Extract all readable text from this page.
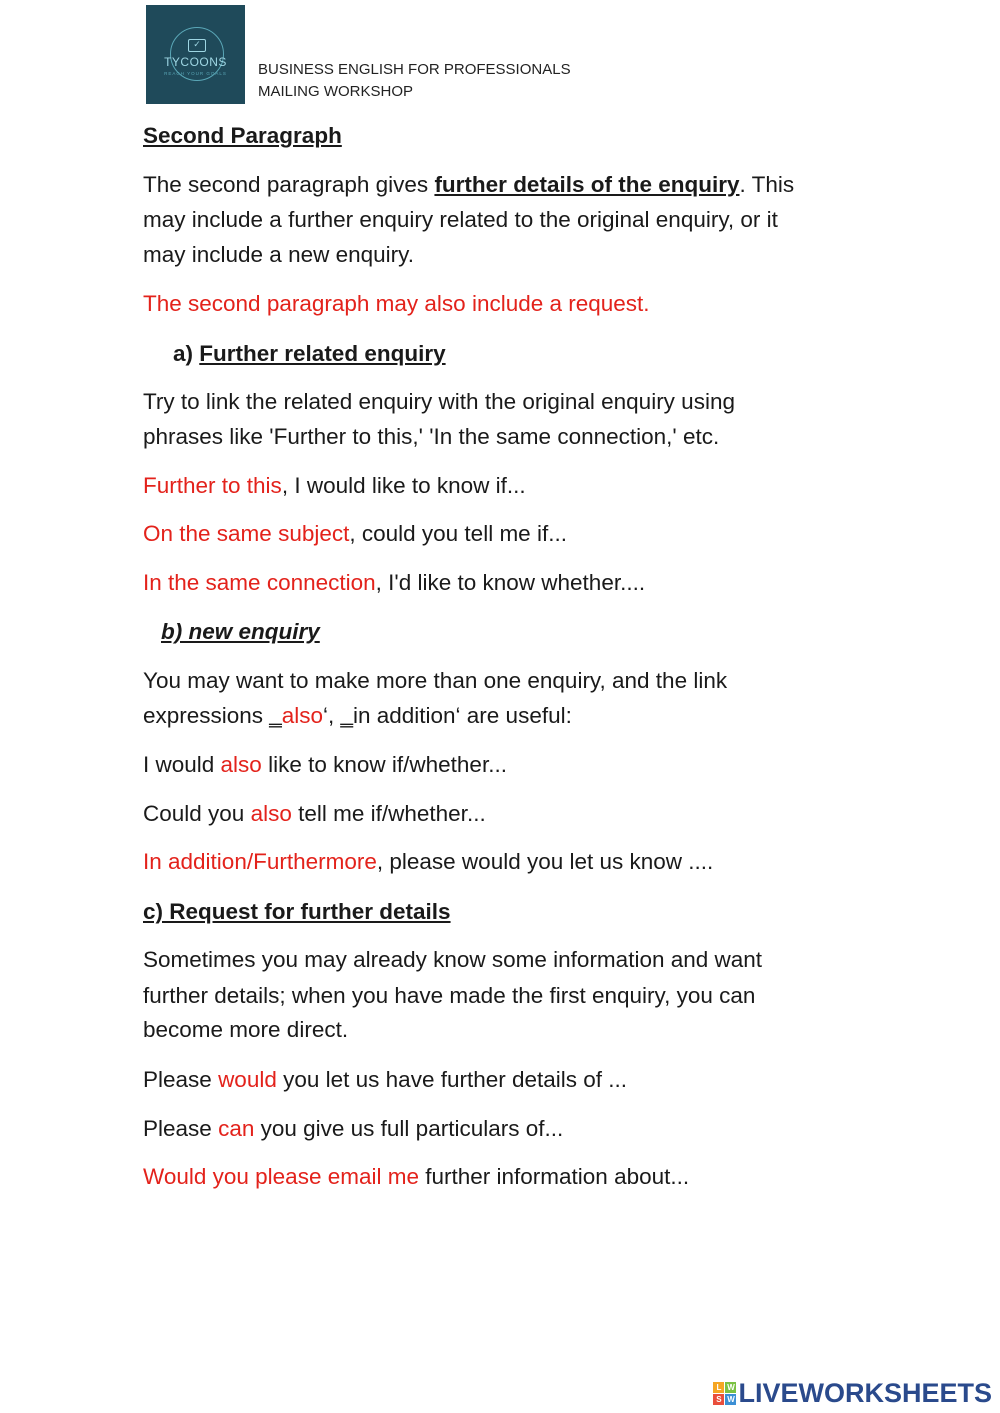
✓
TYCOONS
REACH YOUR GOALS	BUSINESS ENGLISH FOR PROFESSIONALS
MAILING WORKSHOP
Second Paragraph
The second paragraph gives further details of the enquiry. This
may include a further enquiry related to the original enquiry, or it
may include a new enquiry.
The second paragraph may also include a request.
a) Further related enquiry
Try to link the related enquiry with the original enquiry using
phrases like 'Further to this,' 'In the same connection,' etc.
Further to this, I would like to know if...
On the same subject, could you tell me if...
In the same connection, I'd like to know whether....
b) new enquiry
You may want to make more than one enquiry, and the link
expressions ‗also‘, ‗in addition‘ are useful:
I would also like to know if/whether...
Could you also tell me if/whether...
In addition/Furthermore, please would you let us know ....
c) Request for further details
Sometimes you may already know some information and want
further details; when you have made the first enquiry, you can
become more direct.
Please would you let us have further details of ...
Please can you give us full particulars of...
Would you please email me further information about...
L W
S W LIVEWORKSHEETS
